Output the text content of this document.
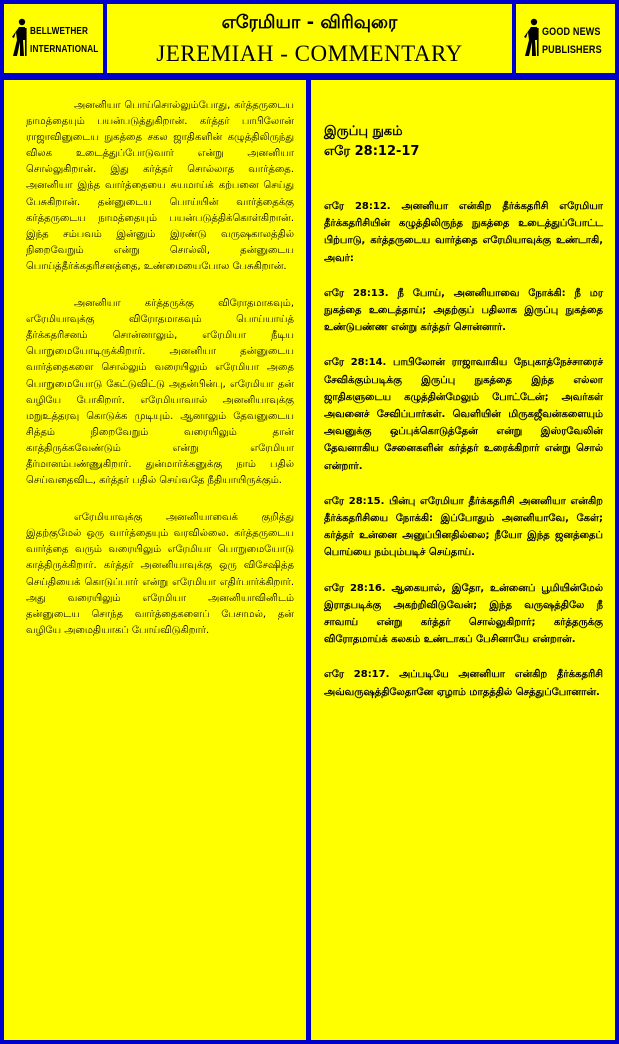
BELLWETHER
INTERNATIONAL
எரேமியா - விரிவுரை
JEREMIAH - COMMENTARY
GOOD NEWS
PUBLISHERS

அனனியா பொய்சொல்லும்போது, கர்த்தருடைய நாமத்தையும் பயன்படுத்துகிறான். கர்த்தர் பாபிலோன் ராஜாவினுடைய நுகத்தை சகல ஜாதிகளின் கழுத்திலிருந்து விலக உடைத்துப்போடுவார் என்று அனனியா சொல்லுகிறான். இது கர்த்தர் சொல்லாத வார்த்தை. அனனியா இந்த வார்த்தையை சுயமாய்க் கற்பனை செய்து பேசுகிறான். தன்னுடைய பொய்யின் வார்த்தைக்கு கர்த்தருடைய நாமத்தையும் பயன்படுத்திக்கொள்கிறான். இந்த சம்பவம் இன்னும் இரண்டு வருஷகாலத்தில் நிறைவேறும் என்று சொல்லி, தன்னுடைய பொய்த்தீர்க்கதரிசனத்தை, உண்மையைபோல பேசுகிறான்.

அனனியா கர்த்தருக்கு விரோதமாகவும், எரேமியாவுக்கு விரோதமாகவும் பொய்யாய்த் தீர்க்கதரிசனம் சொன்னாலும், எரேமியா நீடிய பொறுமையோடிருக்கிறார். அனனியா தன்னுடைய வார்த்தைகளை சொல்லும் வரையிலும் எரேமியா அதை பொறுமையோடு கேட்டுவிட்டு அதன்பின்பு, எரேமியா தன் வழியே போகிறார். எரேமியாவால் அனனியாவுக்கு மறுஉத்தரவு கொடுக்க முடியும். ஆனாலும் தேவனுடைய சித்தம் நிறைவேறும் வரையிலும் தான் காத்திருக்கவேண்டும் என்று எரேமியா தீர்மானம்பண்ணுகிறார். துன்மார்க்கனுக்கு நாம் பதில் செய்வதைவிட, கர்த்தர் பதில் செய்வதே நீதியாயிருக்கும்.

எரேமியாவுக்கு அனனியாவைக் குறித்து இதற்குமேல் ஒரு வார்த்தையும் வரவில்லை. கர்த்தருடைய வார்த்தை வரும் வரையிலும் எரேமியா பொறுமையோடு காத்திருக்கிறார். கர்த்தர் அனனியாவுக்கு ஒரு விசேஷித்த செய்தியைக் கொடுப்பார் என்று எரேமியா எதிர்பார்க்கிறார். அது வரையிலும் எரேமியா அனனியாவினிடம் தன்னுடைய சொந்த வார்த்தைகளைப் பேசாமல், தன் வழியே அமைதியாகப் போய்விடுகிறார்.

இருப்பு நுகம்
எரே 28:12-17

எரே 28:12. அனனியா என்கிற தீர்க்கதரிசி எரேமியா தீர்க்கதரிசியின் கழுத்திலிருந்த நுகத்தை உடைத்துப்போட்ட பிற்பாடு, கர்த்தருடைய வார்த்தை எரேமியாவுக்கு உண்டாகி, அவர்:

எரே 28:13. நீ போய், அனனியாவை நோக்கி: நீ மர நுகத்தை உடைத்தாய்; அதற்குப் பதிலாக இருப்பு நுகத்தை உண்டுபண்ண என்று கர்த்தர் சொன்னார்.

எரே 28:14. பாபிலோன் ராஜாவாகிய நேபுகாத்நேச்சாரைச் சேவிக்கும்படிக்கு இருப்பு நுகத்தை இந்த எல்லா ஜாதிகளுடைய கழுத்தின்மேலும் போட்டேன்; அவர்கள் அவனைச் சேவிப்பார்கள். வெளியின் மிருகஜீவன்களையும் அவனுக்கு ஒப்புக்கொடுத்தேன் என்று இஸ்ரவேலின் தேவனாகிய சேனைகளின் கர்த்தர் உரைக்கிறார் என்று சொல் என்றார்.

எரே 28:15. பின்பு எரேமியா தீர்க்கதரிசி அனனியா என்கிற தீர்க்கதரிசியை நோக்கி: இப்போதும் அனனியாவே, கேள்; கர்த்தர் உன்னை அனுப்பினதில்லை; நீயோ இந்த ஜனத்தைப் பொய்யை நம்பும்படிச் செய்தாய்.

எரே 28:16. ஆகையால், இதோ, உன்னைப் பூமியின்மேல் இராதபடிக்கு அகற்றிவிடுவேன்; இந்த வருஷத்திலே நீ சாவாய் என்று கர்த்தர் சொல்லுகிறார்; கர்த்தருக்கு விரோதமாய்க் கலகம் உண்டாகப் பேசினாயே என்றான்.

எரே 28:17. அப்படியே அனனியா என்கிற தீர்க்கதரிசி அவ்வருஷத்திலேதானே ஏழாம் மாதத்தில் செத்துப்போனான்.
